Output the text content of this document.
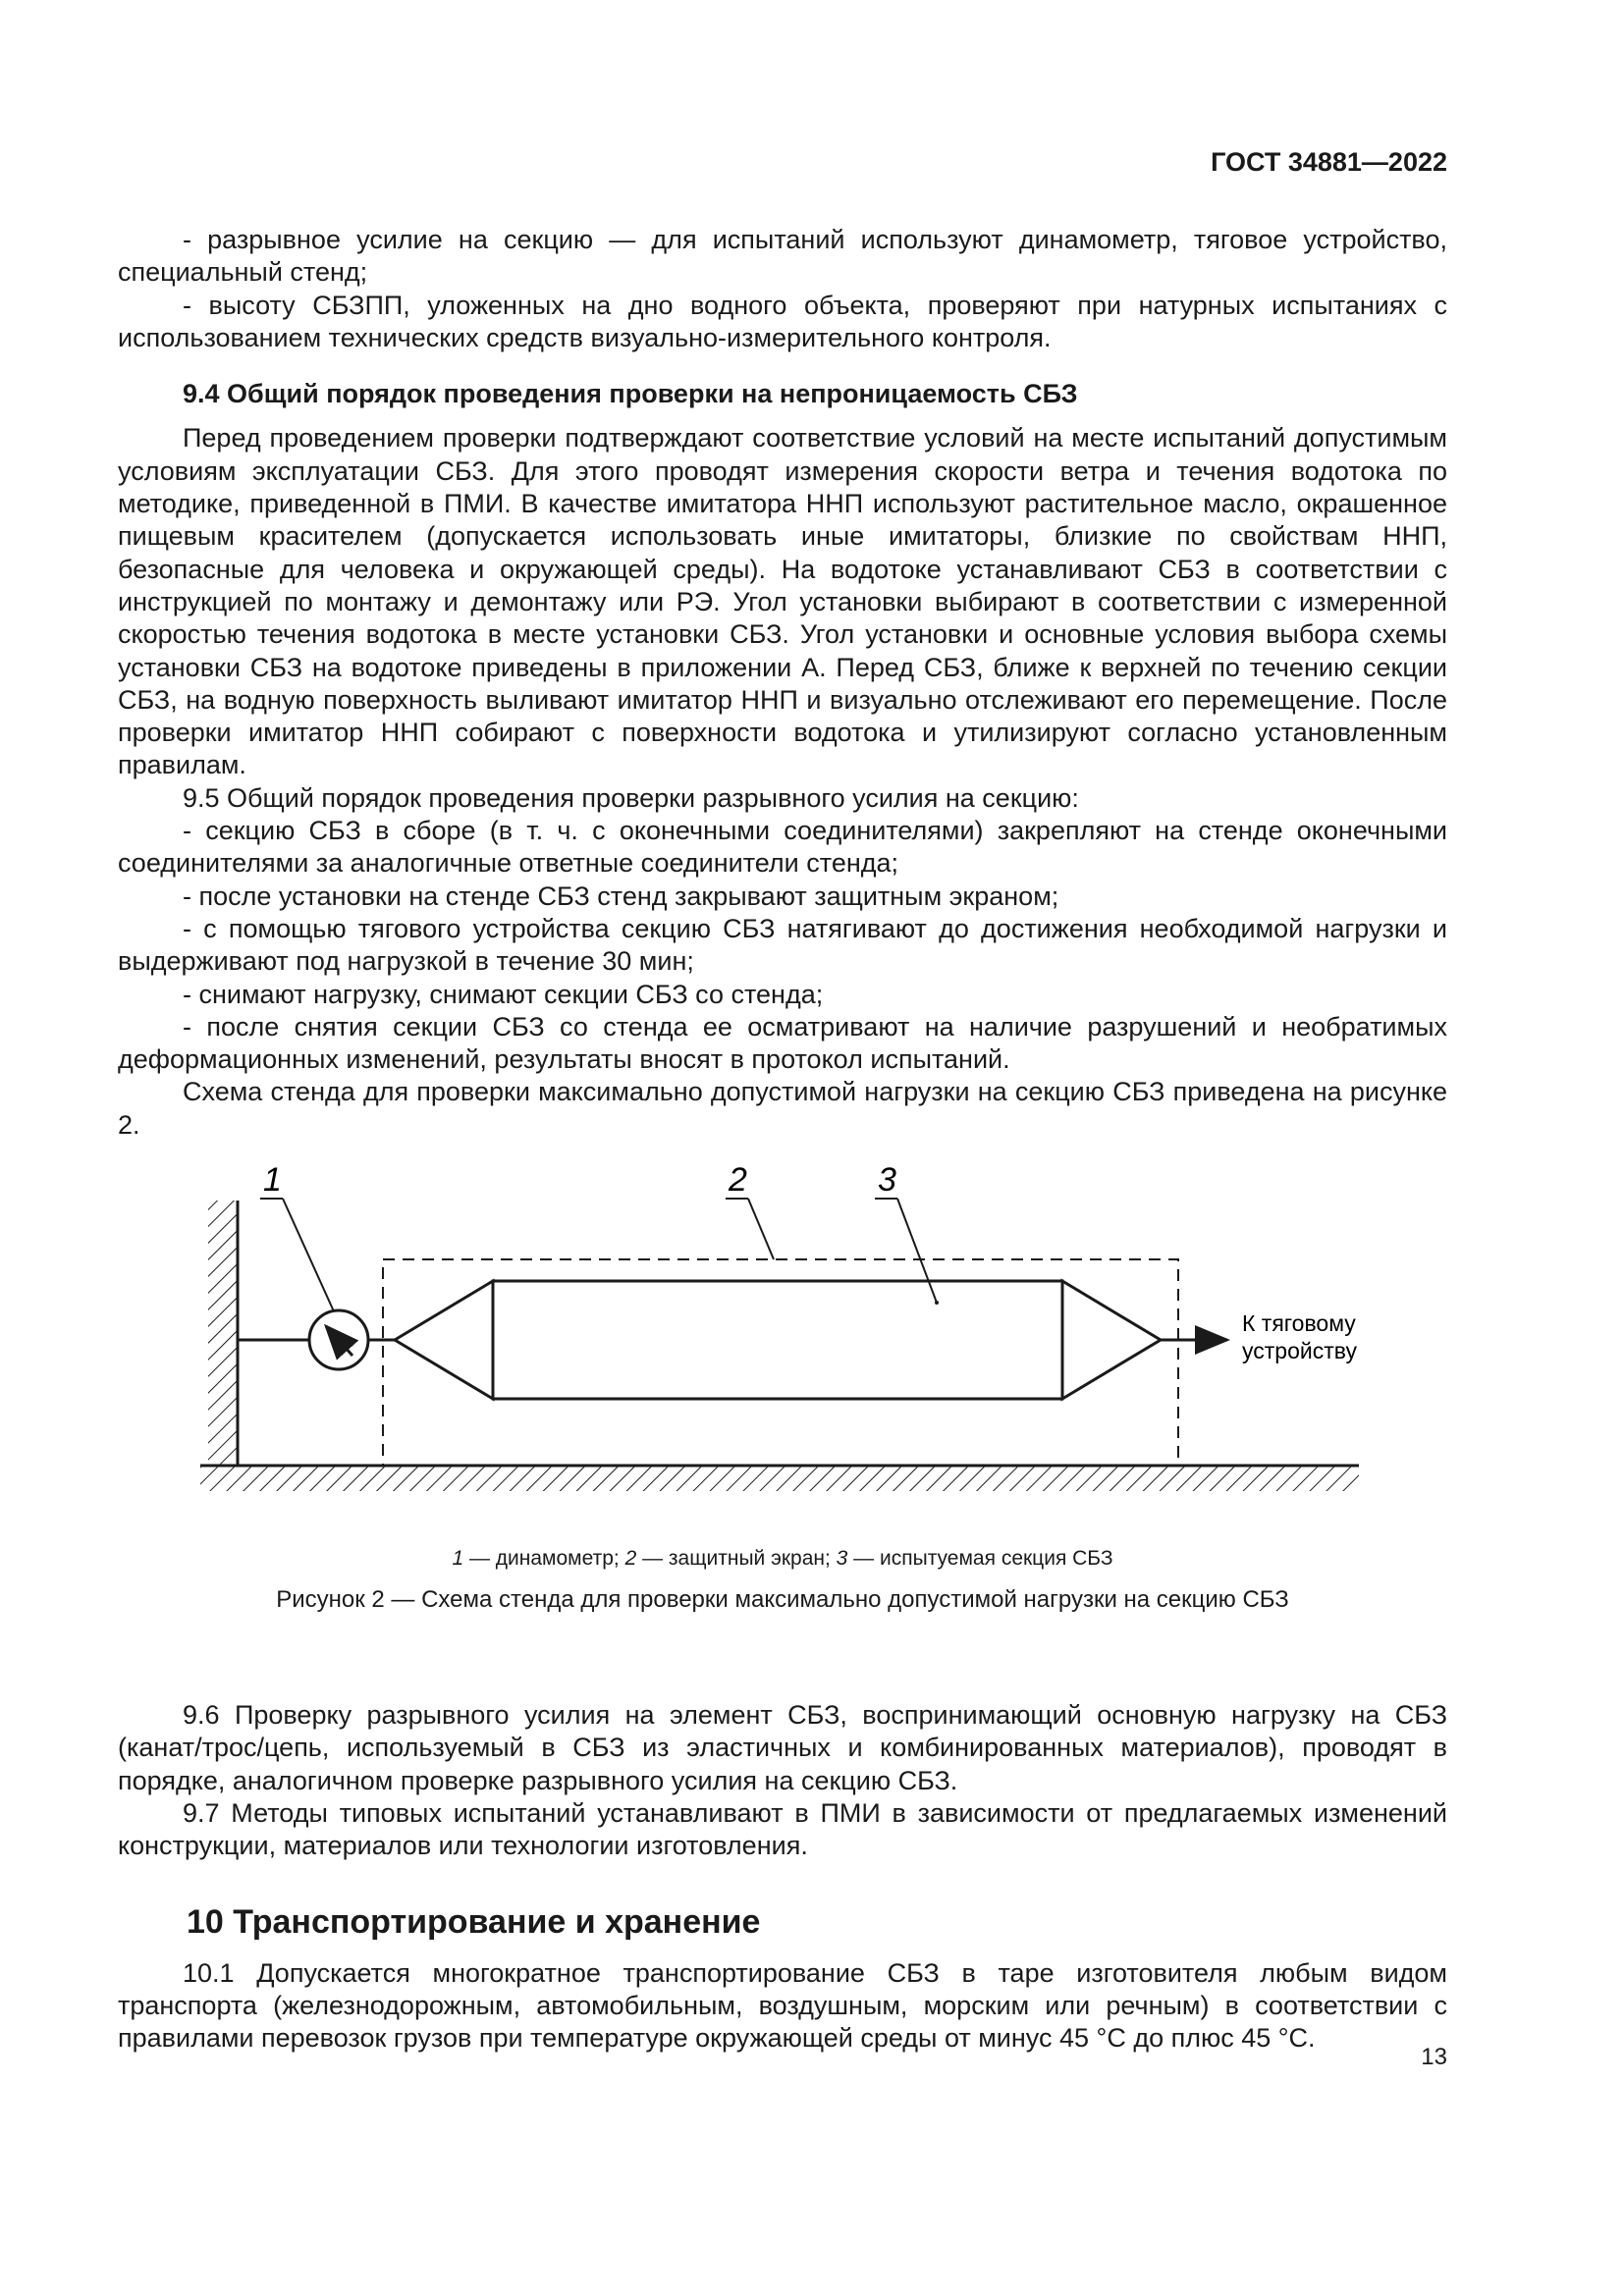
ГОСТ 34881—2022

- разрывное усилие на секцию — для испытаний используют динамометр, тяговое устройство, специальный стенд;

- высоту СБЗПП, уложенных на дно водного объекта, проверяют при натурных испытаниях с использованием технических средств визуально-измерительного контроля.

9.4 Общий порядок проведения проверки на непроницаемость СБЗ

Перед проведением проверки подтверждают соответствие условий на месте испытаний допустимым условиям эксплуатации СБЗ. Для этого проводят измерения скорости ветра и течения водотока по методике, приведенной в ПМИ. В качестве имитатора ННП используют растительное масло, окрашенное пищевым красителем (допускается использовать иные имитаторы, близкие по свойствам ННП, безопасные для человека и окружающей среды). На водотоке устанавливают СБЗ в соответствии с инструкцией по монтажу и демонтажу или РЭ. Угол установки выбирают в соответствии с измеренной скоростью течения водотока в месте установки СБЗ. Угол установки и основные условия выбора схемы установки СБЗ на водотоке приведены в приложении А. Перед СБЗ, ближе к верхней по течению секции СБЗ, на водную поверхность выливают имитатор ННП и визуально отслеживают его перемещение. После проверки имитатор ННП собирают с поверхности водотока и утилизируют согласно установленным правилам.

9.5 Общий порядок проведения проверки разрывного усилия на секцию:

- секцию СБЗ в сборе (в т. ч. с оконечными соединителями) закрепляют на стенде оконечными соединителями за аналогичные ответные соединители стенда;

- после установки на стенде СБЗ стенд закрывают защитным экраном;

- с помощью тягового устройства секцию СБЗ натягивают до достижения необходимой нагрузки и выдерживают под нагрузкой в течение 30 мин;

- снимают нагрузку, снимают секции СБЗ со стенда;

- после снятия секции СБЗ со стенда ее осматривают на наличие разрушений и необратимых деформационных изменений, результаты вносят в протокол испытаний.

Схема стенда для проверки максимально допустимой нагрузки на секцию СБЗ приведена на рисунке 2.

К тяговому
устройству
1	2	3
1 — динамометр; 2 — защитный экран; 3 — испытуемая секция СБЗ
Рисунок 2 — Схема стенда для проверки максимально допустимой нагрузки на секцию СБЗ

9.6 Проверку разрывного усилия на элемент СБЗ, воспринимающий основную нагрузку на СБЗ (канат/трос/цепь, используемый в СБЗ из эластичных и комбинированных материалов), проводят в порядке, аналогичном проверке разрывного усилия на секцию СБЗ.

9.7 Методы типовых испытаний устанавливают в ПМИ в зависимости от предлагаемых изменений конструкции, материалов или технологии изготовления.

10 Транспортирование и хранение

10.1 Допускается многократное транспортирование СБЗ в таре изготовителя любым видом транспорта (железнодорожным, автомобильным, воздушным, морским или речным) в соответствии с правилами перевозок грузов при температуре окружающей среды от минус 45 °С до плюс 45 °С.

13
